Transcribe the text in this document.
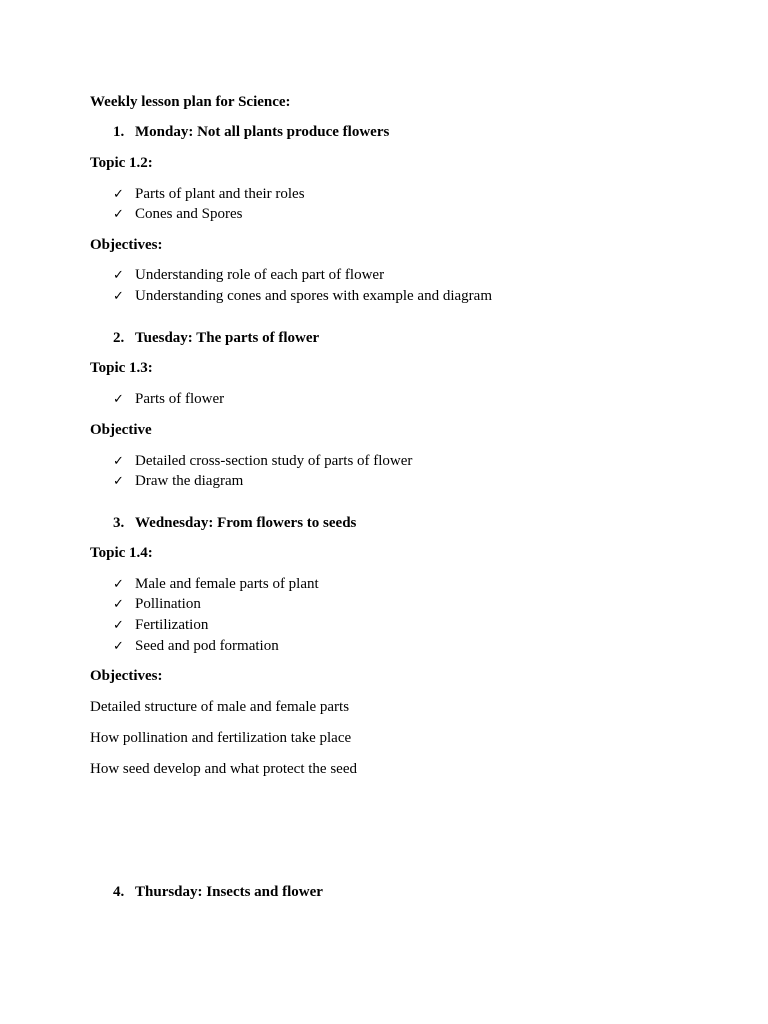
Weekly lesson plan for Science:
1. Monday: Not all plants produce flowers
Topic 1.2:
✓ Parts of plant and their roles
✓ Cones and Spores
Objectives:
✓ Understanding role of each part of flower
✓ Understanding cones and spores with example and diagram
2. Tuesday: The parts of flower
Topic 1.3:
✓ Parts of flower
Objective
✓ Detailed cross-section study of parts of flower
✓ Draw the diagram
3. Wednesday: From flowers to seeds
Topic 1.4:
✓ Male and female parts of plant
✓ Pollination
✓ Fertilization
✓ Seed and pod formation
Objectives:
Detailed structure of male and female parts
How pollination and fertilization take place
How seed develop and what protect the seed
4. Thursday: Insects and flower
